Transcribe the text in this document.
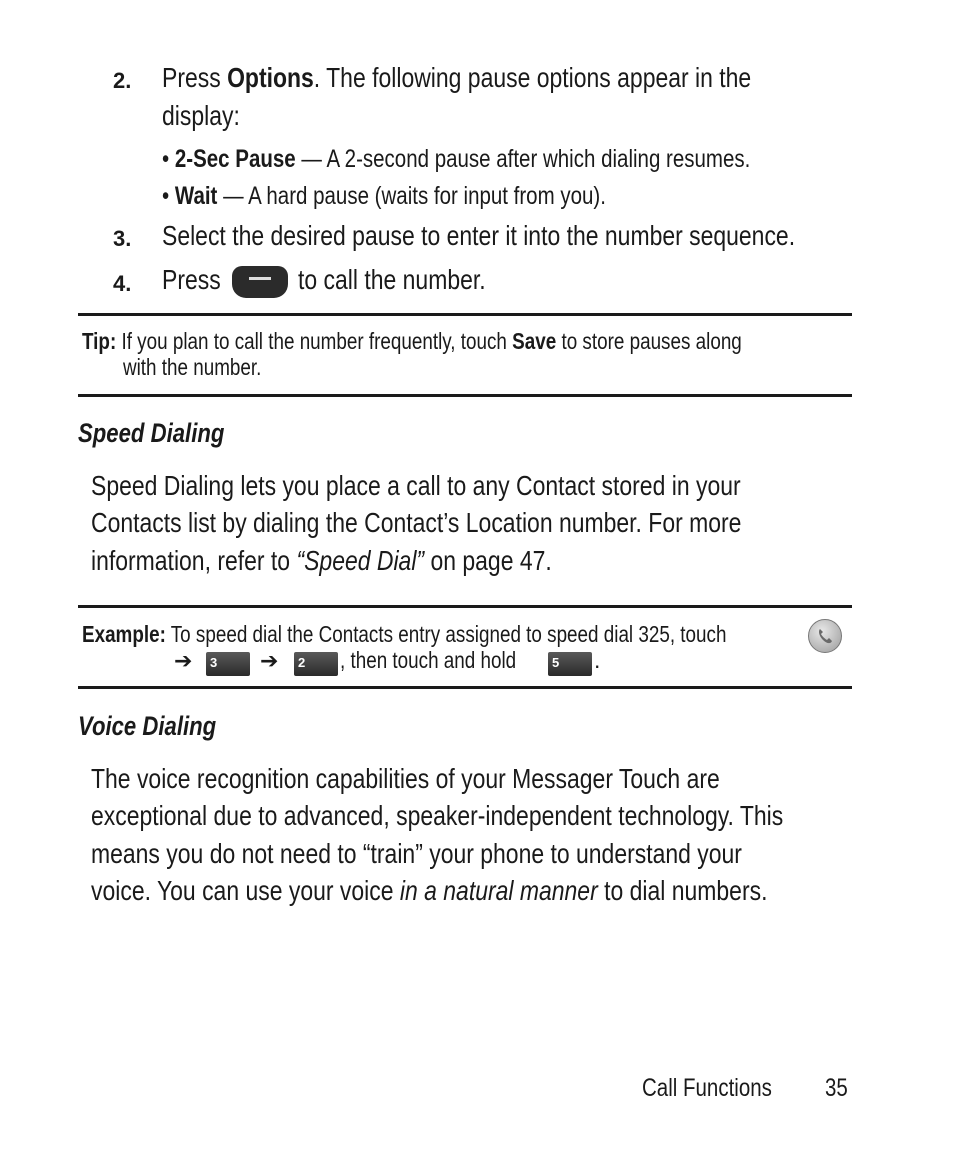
2. Press Options. The following pause options appear in the
display:
• 2-Sec Pause — A 2-second pause after which dialing resumes.
• Wait — A hard pause (waits for input from you).
3. Select the desired pause to enter it into the number sequence.
4. Press	to call the number.
Tip: If you plan to call the number frequently, touch Save to store pauses along
with the number.
Speed Dialing
Speed Dialing lets you place a call to any Contact stored in your
Contacts list by dialing the Contact’s Location number. For more
information, refer to “Speed Dial” on page 47.
Example: To speed dial the Contacts entry assigned to speed dial 325, touch
➔ 3 ➔ 2 , then touch and hold	5 .
Voice Dialing
The voice recognition capabilities of your Messager Touch are
exceptional due to advanced, speaker-independent technology. This
means you do not need to “train” your phone to understand your
voice. You can use your voice in a natural manner to dial numbers.
Call Functions	35
